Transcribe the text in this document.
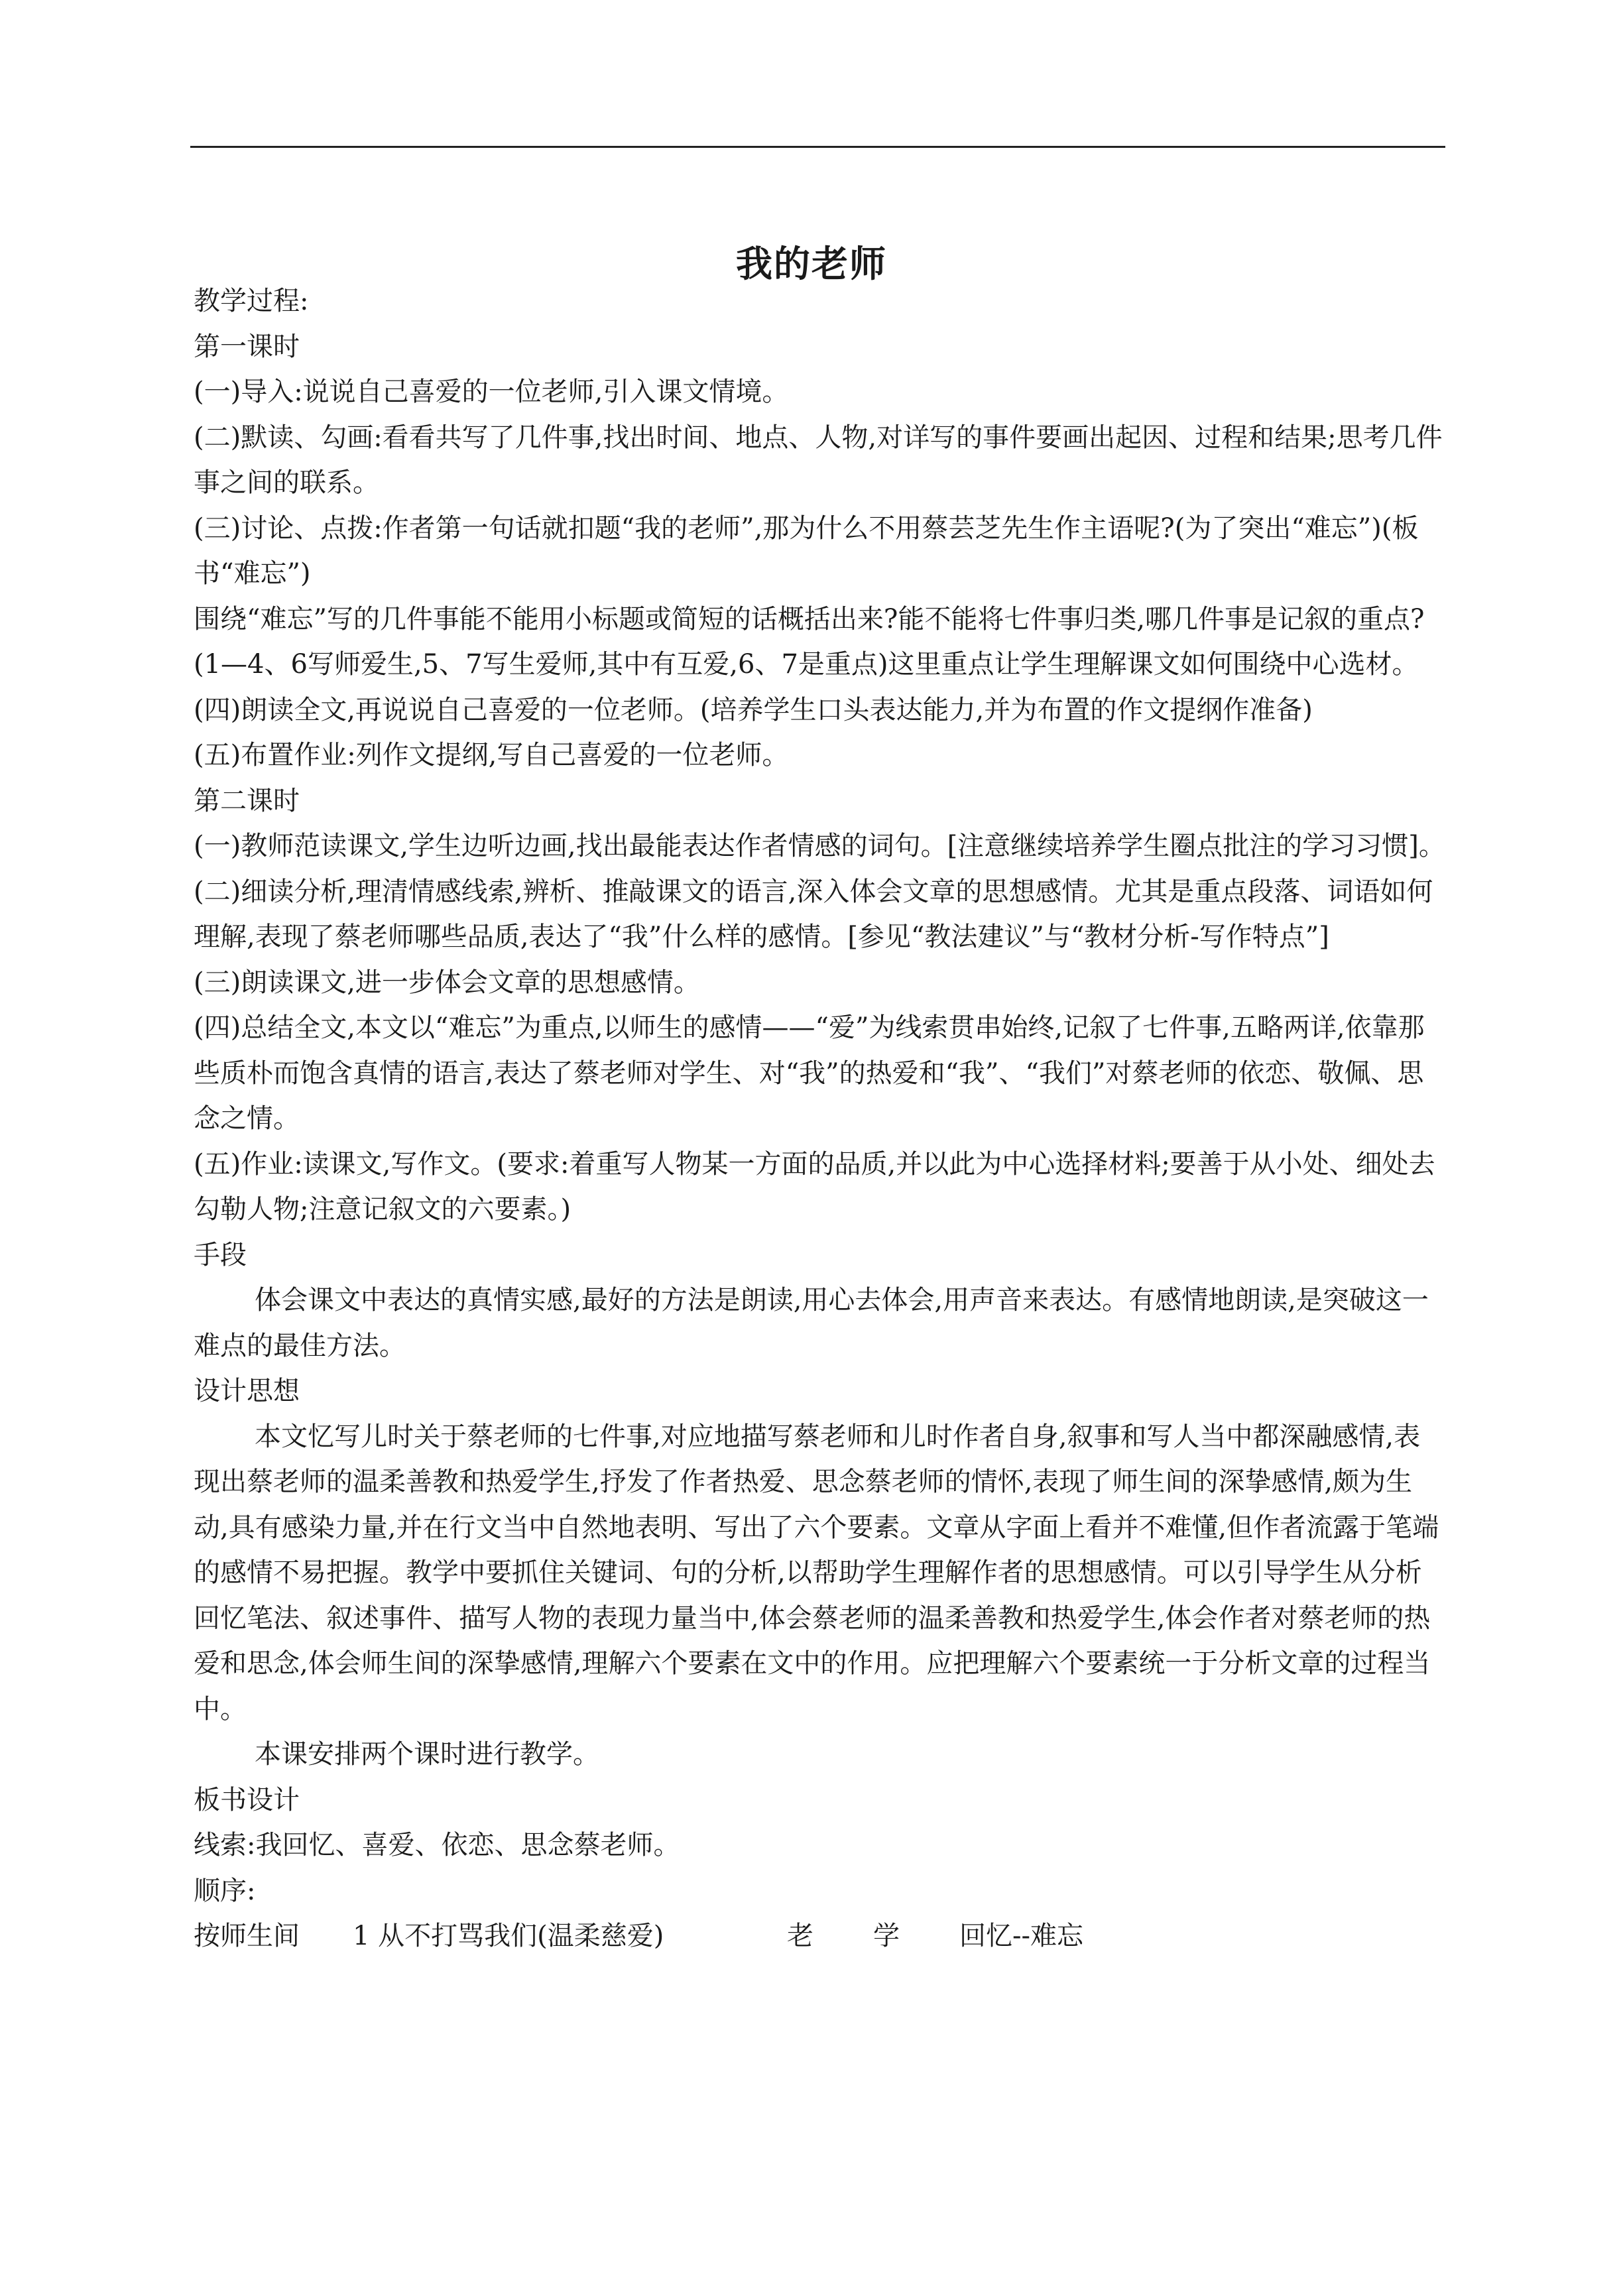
我的老师

教学过程:

第一课时

(一)导入:说说自己喜爱的一位老师,引入课文情境。

(二)默读、勾画:看看共写了几件事,找出时间、地点、人物,对详写的事件要画出起因、过程和结果;思考几件事之间的联系。

(三)讨论、点拨:作者第一句话就扣题“我的老师”,那为什么不用蔡芸芝先生作主语呢?(为了突出“难忘”)(板书“难忘”)

围绕“难忘”写的几件事能不能用小标题或简短的话概括出来?能不能将七件事归类,哪几件事是记叙的重点?

(1—4、6写师爱生,5、7写生爱师,其中有互爱,6、7是重点)这里重点让学生理解课文如何围绕中心选材。

(四)朗读全文,再说说自己喜爱的一位老师。(培养学生口头表达能力,并为布置的作文提纲作准备)

(五)布置作业:列作文提纲,写自己喜爱的一位老师。

第二课时

(一)教师范读课文,学生边听边画,找出最能表达作者情感的词句。[注意继续培养学生圈点批注的学习习惯]。

(二)细读分析,理清情感线索,辨析、推敲课文的语言,深入体会文章的思想感情。尤其是重点段落、词语如何理解,表现了蔡老师哪些品质,表达了“我”什么样的感情。[参见“教法建议”与“教材分析-写作特点”]

(三)朗读课文,进一步体会文章的思想感情。

(四)总结全文,本文以“难忘”为重点,以师生的感情——“爱”为线索贯串始终,记叙了七件事,五略两详,依靠那些质朴而饱含真情的语言,表达了蔡老师对学生、对“我”的热爱和“我”、“我们”对蔡老师的依恋、敬佩、思念之情。

(五)作业:读课文,写作文。(要求:着重写人物某一方面的品质,并以此为中心选择材料;要善于从小处、细处去勾勒人物;注意记叙文的六要素。)

手段

体会课文中表达的真情实感,最好的方法是朗读,用心去体会,用声音来表达。有感情地朗读,是突破这一难点的最佳方法。

设计思想

本文忆写儿时关于蔡老师的七件事,对应地描写蔡老师和儿时作者自身,叙事和写人当中都深融感情,表现出蔡老师的温柔善教和热爱学生,抒发了作者热爱、思念蔡老师的情怀,表现了师生间的深挚感情,颇为生动,具有感染力量,并在行文当中自然地表明、写出了六个要素。文章从字面上看并不难懂,但作者流露于笔端的感情不易把握。教学中要抓住关键词、句的分析,以帮助学生理解作者的思想感情。可以引导学生从分析回忆笔法、叙述事件、描写人物的表现力量当中,体会蔡老师的温柔善教和热爱学生,体会作者对蔡老师的热爱和思念,体会师生间的深挚感情,理解六个要素在文中的作用。应把理解六个要素统一于分析文章的过程当中。

本课安排两个课时进行教学。

板书设计

线索:我回忆、喜爱、依恋、思念蔡老师。

顺序:

按师生间 1 从不打骂我们(温柔慈爱)	老 学 回忆--难忘
